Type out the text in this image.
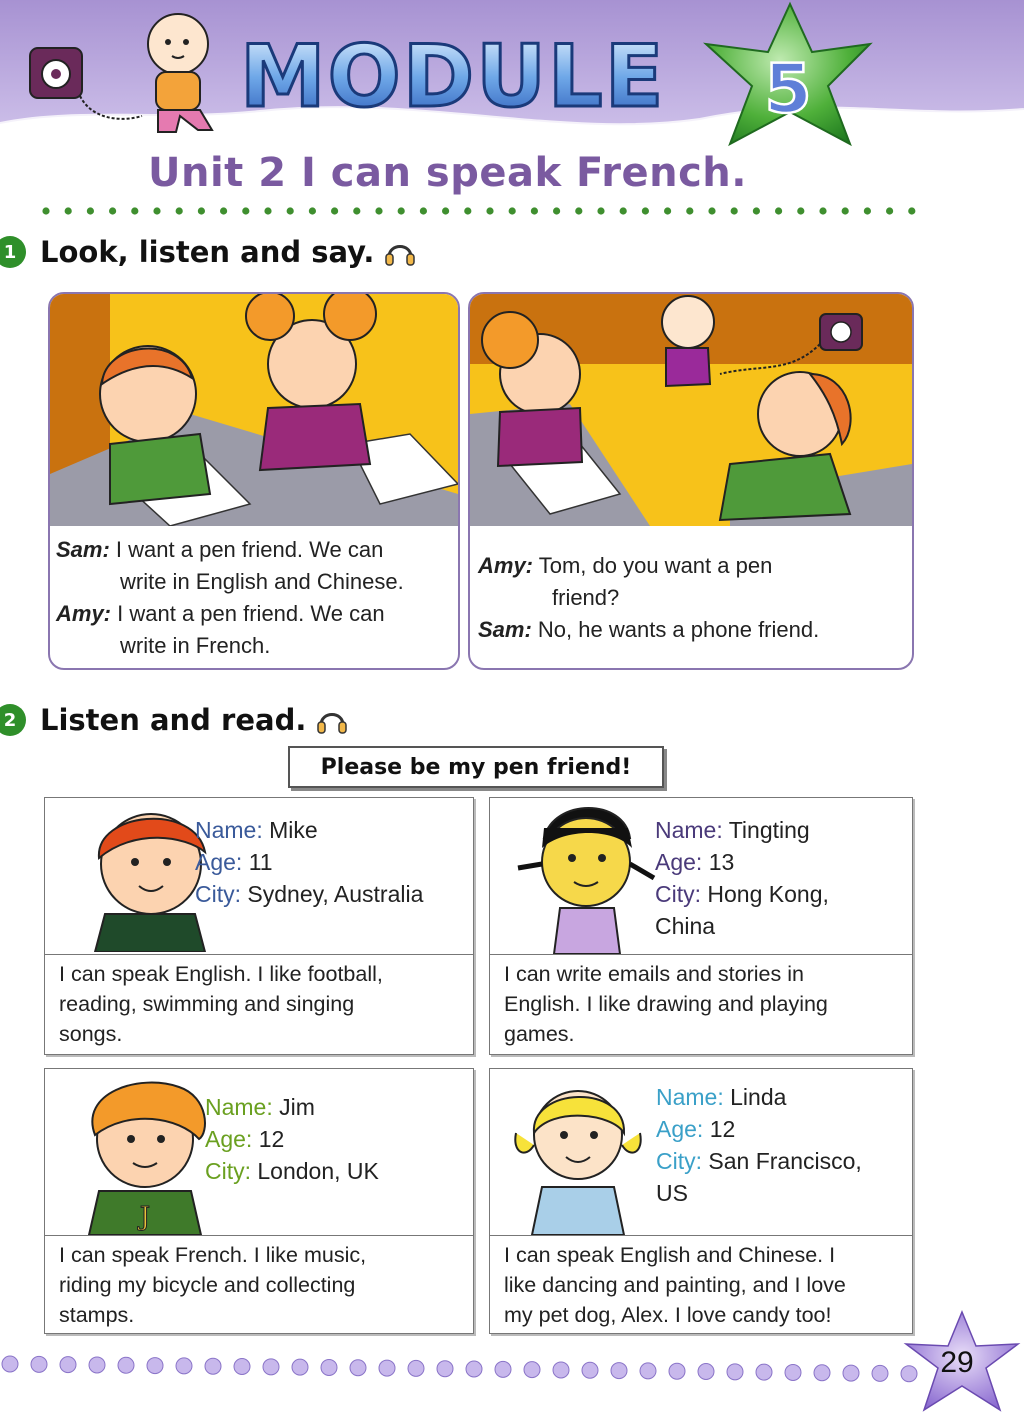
MODULE 5
Unit 2 I can speak French.
1 Look, listen and say.
Sam: I want a pen friend. We can
write in English and Chinese.
Amy: I want a pen friend. We can
write in French.
Amy: Tom, do you want a pen
friend?
Sam: No, he wants a phone friend.
2 Listen and read.
Please be my pen friend!
Name: Mike
Age: 11
City: Sydney, Australia
I can speak English. I like football,
reading, swimming and singing
songs.
Name: Tingting
Age: 13
City: Hong Kong,
China
I can write emails and stories in
English. I like drawing and playing
games.
J
Name: Jim
Age: 12
City: London, UK
I can speak French. I like music,
riding my bicycle and collecting
stamps.
Name: Linda
Age: 12
City: San Francisco,
US
I can speak English and Chinese. I
like dancing and painting, and I love
my pet dog, Alex. I love candy too!
29
